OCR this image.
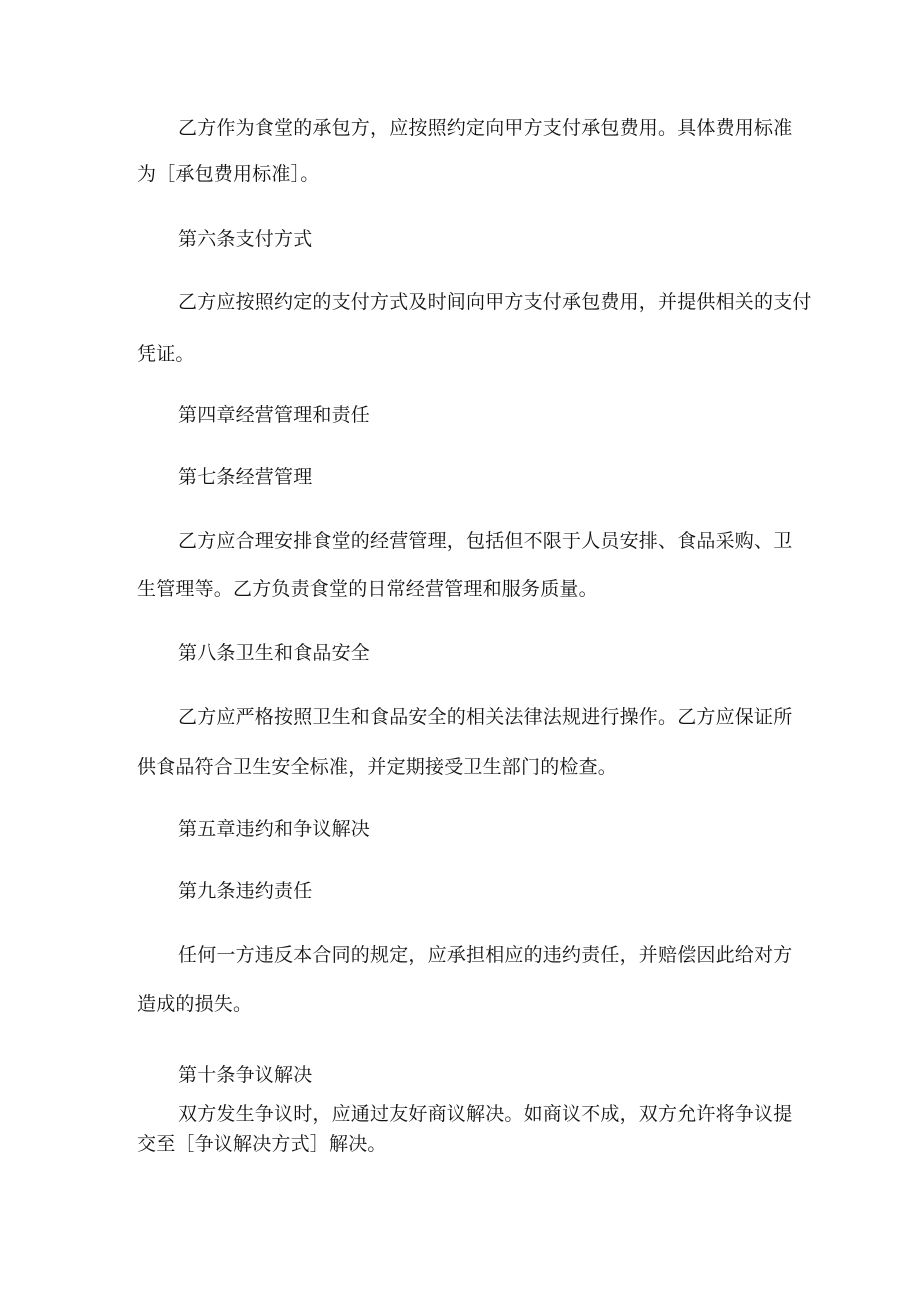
乙方作为食堂的承包方，应按照约定向甲方支付承包费用。具体费用标准
为［承包费用标准］。
第六条支付方式
乙方应按照约定的支付方式及时间向甲方支付承包费用，并提供相关的支付
凭证。
第四章经营管理和责任
第七条经营管理
乙方应合理安排食堂的经营管理，包括但不限于人员安排、食品采购、卫
生管理等。乙方负责食堂的日常经营管理和服务质量。
第八条卫生和食品安全
乙方应严格按照卫生和食品安全的相关法律法规进行操作。乙方应保证所
供食品符合卫生安全标准，并定期接受卫生部门的检查。
第五章违约和争议解决
第九条违约责任
任何一方违反本合同的规定，应承担相应的违约责任，并赔偿因此给对方
造成的损失。
第十条争议解决
双方发生争议时，应通过友好商议解决。如商议不成，双方允许将争议提
交至［争议解决方式］解决。
